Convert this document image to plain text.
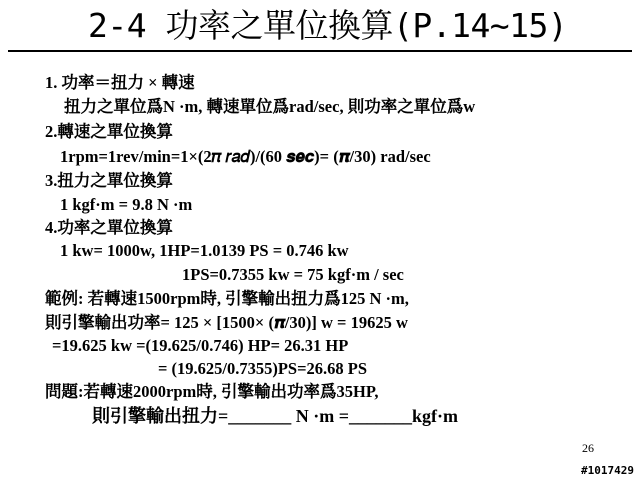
2-4 功率之單位換算(P.14~15)
1. 功率＝扭力 × 轉速
扭力之單位爲N ·m, 轉速單位爲rad/sec, 則功率之單位爲w
2.轉速之單位換算
1rpm=1rev/min=1×(2𝜋 𝑟𝑎𝑑)/(60 𝒔𝒆𝒄)= (𝝅/30) rad/sec
3.扭力之單位換算
1 kgf·m = 9.8 N ·m
4.功率之單位換算
1 kw= 1000w, 1HP=1.0139 PS = 0.746 kw
1PS=0.7355 kw = 75 kgf·m / sec
範例: 若轉速1500rpm時, 引擎輸出扭力爲125 N ·m,
則引擎輸出功率= 125 × [1500× (𝝅/30)] w = 19625 w
=19.625 kw =(19.625/0.746) HP= 26.31 HP
= (19.625/0.7355)PS=26.68 PS
問題:若轉速2000rpm時, 引擎輸出功率爲35HP,
則引擎輸出扭力=_______ N ·m =_______kgf·m
26
#1017429
